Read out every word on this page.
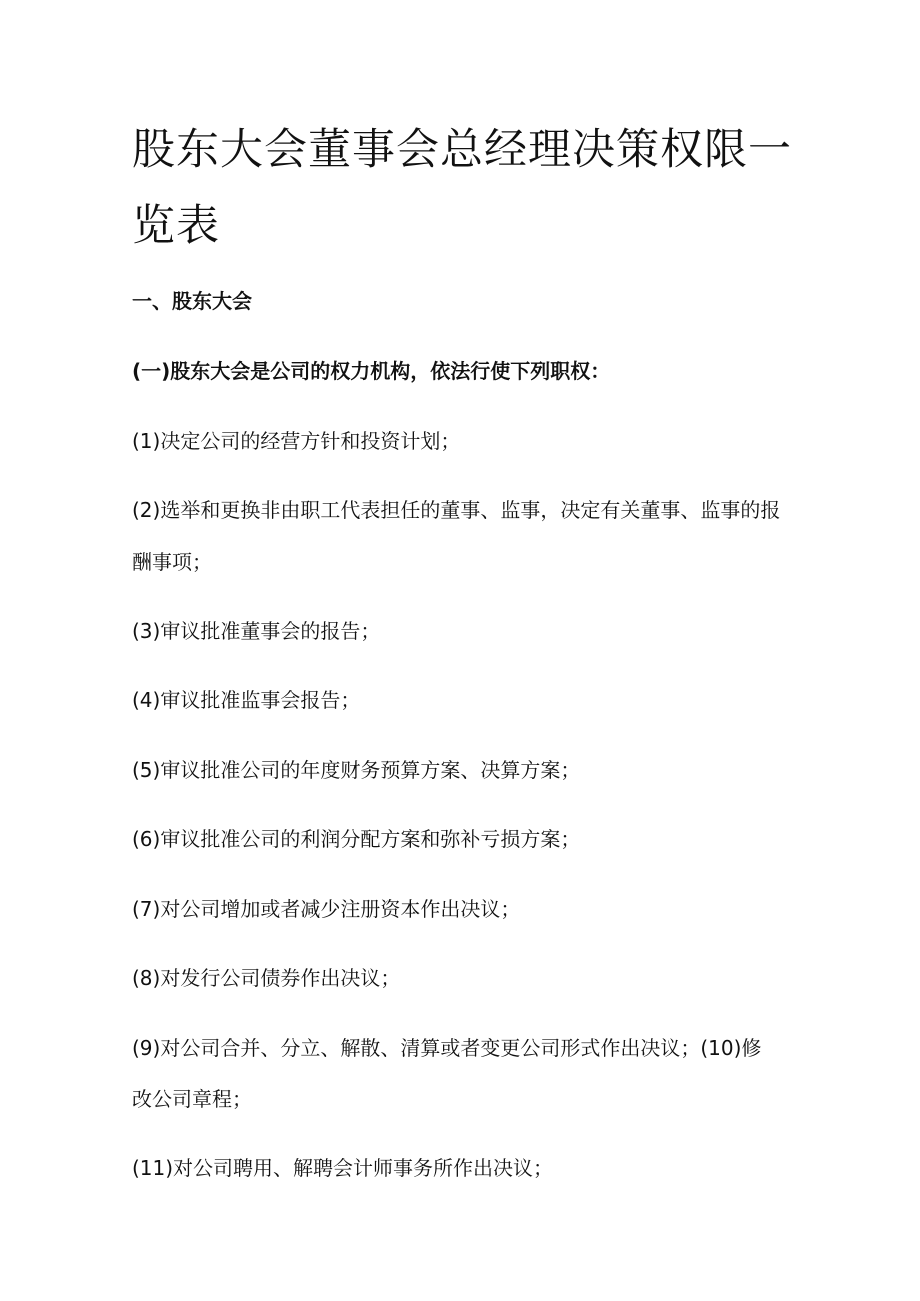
股东大会董事会总经理决策权限一览表

一、股东大会

(一)股东大会是公司的权力机构，依法行使下列职权：

(1)决定公司的经营方针和投资计划；

(2)选举和更换非由职工代表担任的董事、监事，决定有关董事、监事的报

酬事项；

(3)审议批准董事会的报告；

(4)审议批准监事会报告；

(5)审议批准公司的年度财务预算方案、决算方案；

(6)审议批准公司的利润分配方案和弥补亏损方案；

(7)对公司增加或者减少注册资本作出决议；

(8)对发行公司债券作出决议；

(9)对公司合并、分立、解散、清算或者变更公司形式作出决议；(10)修

改公司章程；

(11)对公司聘用、解聘会计师事务所作出决议；
